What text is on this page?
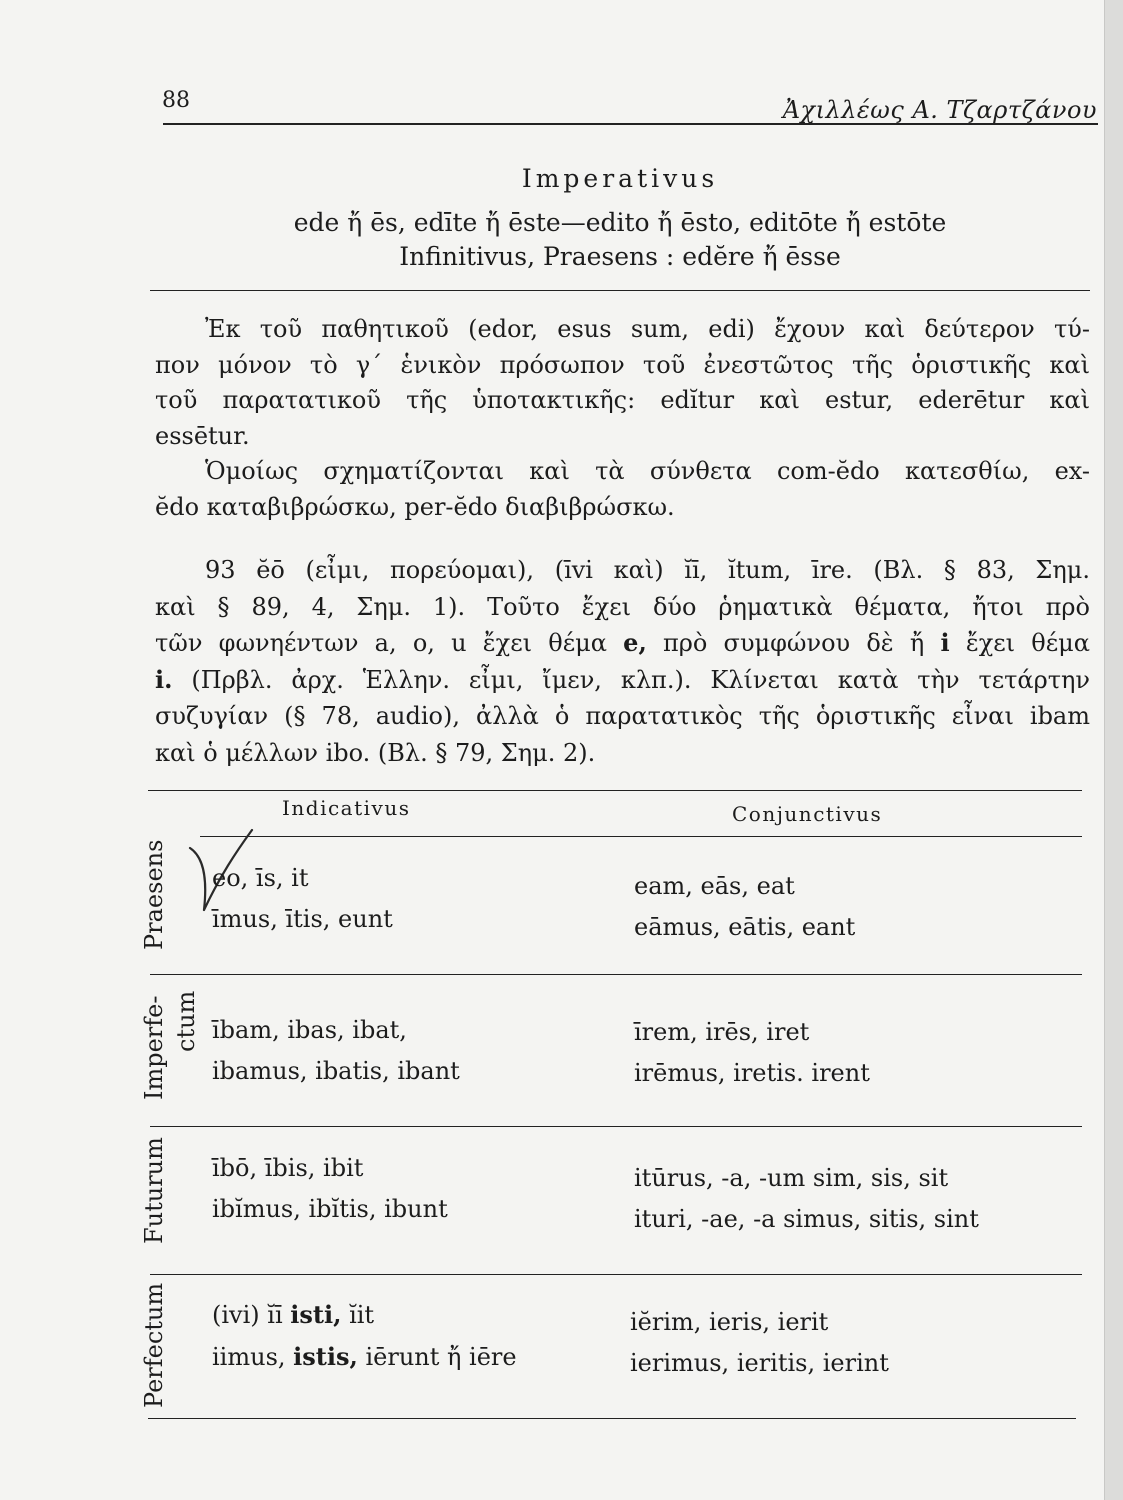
88	Ἀχιλλέως Α. Τζαρτζάνου
Imperativus
ede ἤ ēs, edīte ἤ ēste—edito ἤ ēsto, editōte ἤ estōte
Infinitivus, Praesens : edĕre ἤ ēsse
Ἐκ τοῦ παθητικοῦ (edor, esus sum, edi) ἔχουν καὶ δεύτερον τύ-
πον μόνον τὸ γ΄ ἑνικὸν πρόσωπον τοῦ ἐνεστῶτος τῆς ὁριστικῆς καὶ
τοῦ παρατατικοῦ τῆς ὑποτακτικῆς: edĭtur καὶ estur, ederētur καὶ
essētur.
Ὁμοίως σχηματίζονται καὶ τὰ σύνθετα com-ĕdo κατεσθίω, ex-
ĕdo καταβιβρώσκω, per-ĕdo διαβιβρώσκω.
93 ĕō (εἶμι, πορεύομαι), (īvi καὶ) ĭī, ĭtum, īre. (Βλ. § 83, Σημ.
καὶ § 89, 4, Σημ. 1). Τοῦτο ἔχει δύο ῥηματικὰ θέματα, ἤτοι πρὸ
τῶν φωνηέντων a, o, u ἔχει θέμα e, πρὸ συμφώνου δὲ ἤ i ἔχει θέμα
i. (Πρβλ. ἀρχ. Ἑλλην. εἶμι, ἴμεν, κλπ.). Κλίνεται κατὰ τὴν τετάρτην
συζυγίαν (§ 78, audio), ἀλλὰ ὁ παρατατικὸς τῆς ὁριστικῆς εἶναι ibam
καὶ ὁ μέλλων ibo. (Βλ. § 79, Σημ. 2).
Indicativus	Conjunctivus
Praesens eo, īs, it
īmus, ītis, eunt
eam, eās, eat
eāmus, eātis, eant
Imperfe- ctum ībam, ibas, ibat,
ibamus, ibatis, ibant
īrem, irēs, iret
irēmus, iretis. irent
Futurum ībō, ībis, ibit
ibĭmus, ibĭtis, ibunt
itūrus, -a, -um sim, sis, sit
ituri, -ae, -a simus, sitis, sint
Perfectum (ivi) ĭī isti, ĭit
iimus, istis, iērunt ἤ iēre
iĕrim, ieris, ierit
ierimus, ieritis, ierint
